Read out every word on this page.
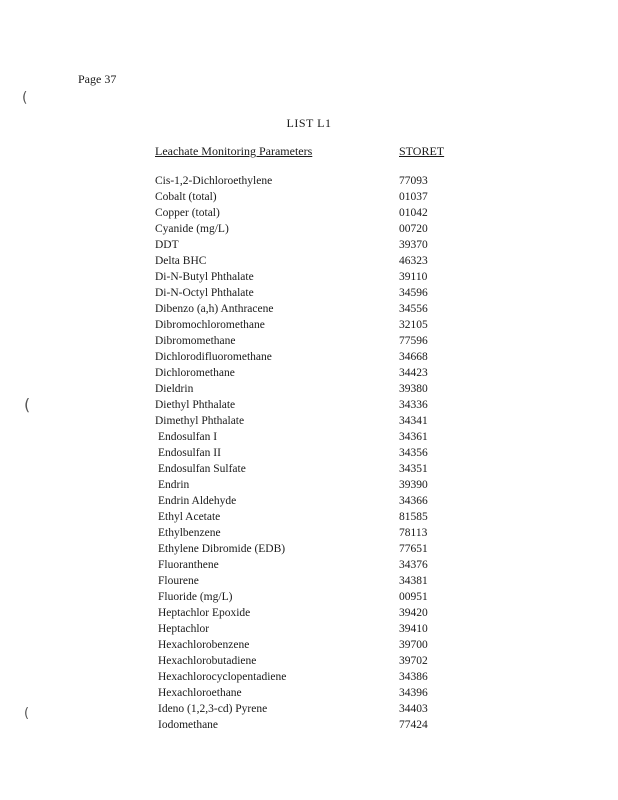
Page 37
(
(
(
LIST L1
Leachate Monitoring Parameters	STORET
Cis-1,2-Dichloroethylene	77093
Cobalt (total)	01037
Copper (total)	01042
Cyanide (mg/L)	00720
DDT	39370
Delta BHC	46323
Di-N-Butyl Phthalate	39110
Di-N-Octyl Phthalate	34596
Dibenzo (a,h) Anthracene	34556
Dibromochloromethane	32105
Dibromomethane	77596
Dichlorodifluoromethane	34668
Dichloromethane	34423
Dieldrin	39380
Diethyl Phthalate	34336
Dimethyl Phthalate	34341
Endosulfan I	34361
Endosulfan II	34356
Endosulfan Sulfate	34351
Endrin	39390
Endrin Aldehyde	34366
Ethyl Acetate	81585
Ethylbenzene	78113
Ethylene Dibromide (EDB)	77651
Fluoranthene	34376
Flourene	34381
Fluoride (mg/L)	00951
Heptachlor Epoxide	39420
Heptachlor	39410
Hexachlorobenzene	39700
Hexachlorobutadiene	39702
Hexachlorocyclopentadiene	34386
Hexachloroethane	34396
Ideno (1,2,3-cd) Pyrene	34403
Iodomethane	77424
